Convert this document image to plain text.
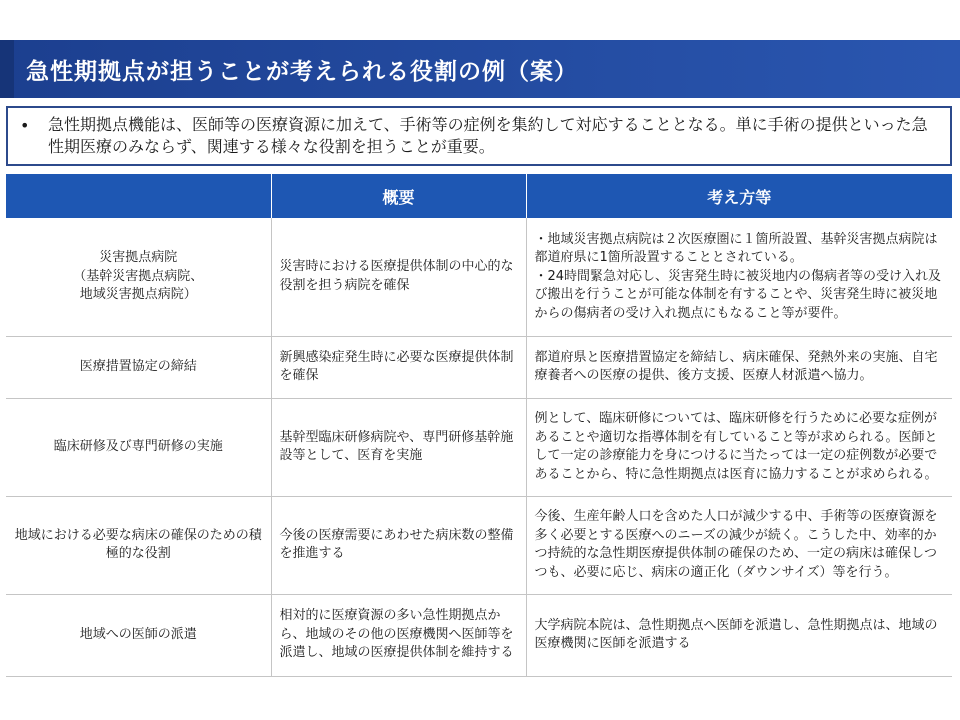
急性期拠点が担うことが考えられる役割の例（案）
• 急性期拠点機能は、医師等の医療資源に加えて、手術等の症例を集約して対応することとなる。単に手術の提供といった急性期医療のみならず、関連する様々な役割を担うことが重要。
	概要	考え方等
災害拠点病院
（基幹災害拠点病院、
地域災害拠点病院）	災害時における医療提供体制の中心的な役割を担う病院を確保	・地域災害拠点病院は２次医療圏に１箇所設置、基幹災害拠点病院は都道府県に1箇所設置することとされている。
・24時間緊急対応し、災害発生時に被災地内の傷病者等の受け入れ及び搬出を行うことが可能な体制を有することや、災害発生時に被災地からの傷病者の受け入れ拠点にもなること等が要件。
医療措置協定の締結	新興感染症発生時に必要な医療提供体制を確保	都道府県と医療措置協定を締結し、病床確保、発熱外来の実施、自宅療養者への医療の提供、後方支援、医療人材派遣へ協力。
臨床研修及び専門研修の実施	基幹型臨床研修病院や、専門研修基幹施設等として、医育を実施	例として、臨床研修については、臨床研修を行うために必要な症例があることや適切な指導体制を有していること等が求められる。医師として一定の診療能力を身につけるに当たっては一定の症例数が必要であることから、特に急性期拠点は医育に協力することが求められる。
地域における必要な病床の確保のための積極的な役割	今後の医療需要にあわせた病床数の整備を推進する	今後、生産年齢人口を含めた人口が減少する中、手術等の医療資源を多く必要とする医療へのニーズの減少が続く。こうした中、効率的かつ持続的な急性期医療提供体制の確保のため、一定の病床は確保しつつも、必要に応じ、病床の適正化（ダウンサイズ）等を行う。
地域への医師の派遣	相対的に医療資源の多い急性期拠点から、地域のその他の医療機関へ医師等を派遣し、地域の医療提供体制を維持する	大学病院本院は、急性期拠点へ医師を派遣し、急性期拠点は、地域の医療機関に医師を派遣する
